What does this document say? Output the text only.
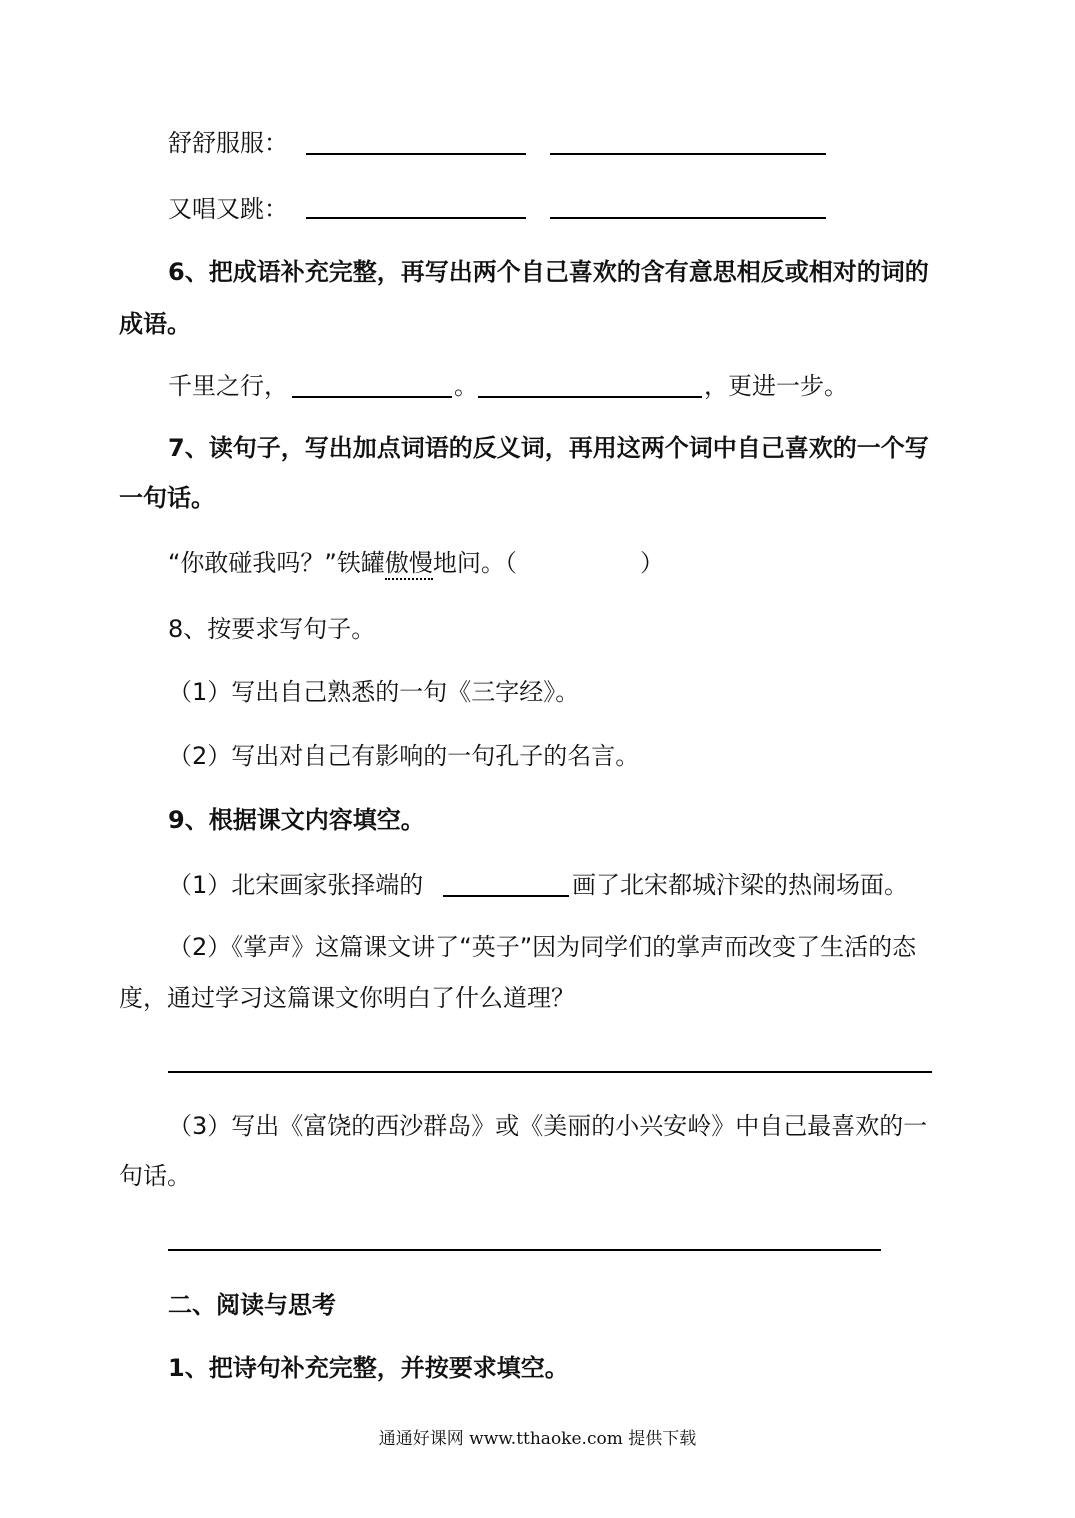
舒舒服服：
又唱又跳：
6、把成语补充完整，再写出两个自己喜欢的含有意思相反或相对的词的
成语。
千里之行，	。	，更进一步。
7、读句子，写出加点词语的反义词，再用这两个词中自己喜欢的一个写
一句话。
“你敢碰我吗？”铁罐傲慢地问。（	）
8、按要求写句子。
（1）写出自己熟悉的一句《三字经》。
（2）写出对自己有影响的一句孔子的名言。
9、根据课文内容填空。
（1）北宋画家张择端的	画了北宋都城汴梁的热闹场面。
（2）《掌声》这篇课文讲了“英子”因为同学们的掌声而改变了生活的态
度，通过学习这篇课文你明白了什么道理？
（3）写出《富饶的西沙群岛》或《美丽的小兴安岭》中自己最喜欢的一
句话。
二、阅读与思考
1、把诗句补充完整，并按要求填空。
通通好课网 www.tthaoke.com 提供下载
